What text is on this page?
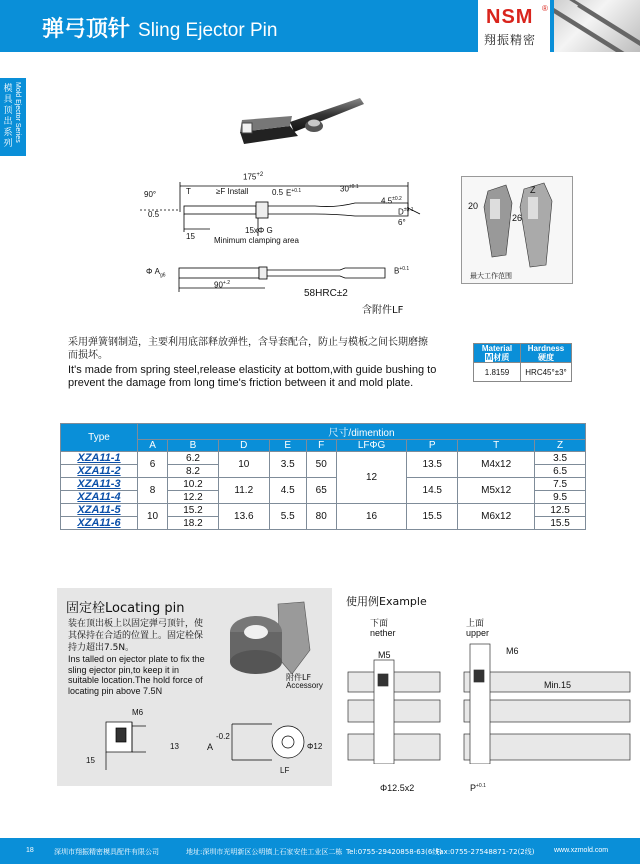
弹弓顶针 Sling Ejector Pin
NSM ®
翔振精密
模具顶出系列
Mold Ejector Series
$175^{+2}$
90°
0.5
T	≥F Install	0.5 $E^{+0.1}$	$30^{\pm 0.1}$
$4.5^{\pm 0.2}$
$D^{\pm 0.1}$
6°
15xΦ G
15 Minimum clamping area
Φ $A_{g6}$
$90^{+.2}$
$B^{+0.1}$
58HRC±2
含附件LF
20
Z
26
最大工作范围
采用弹簧钢制造，主要利用底部释放弹性，含导套配合，防止与模板之间长期磨擦而损坏。
It's made from spring steel,release elasticity at bottom,with guide bushing to prevent the damage from long time's friction between it and mold plate.
Material
M材质	Hardness
硬度
1.8159	HRC45°±3°
Type	尺寸/dimention								
	A	B	D	E	F	LFΦG	P	T	Z
XZA11-1	6	6.2	10	3.5	50	12	13.5	M4x12	3.5
XZA11-2		8.2							6.5
XZA11-3	8	10.2	11.2	4.5	65		14.5	M5x12	7.5
XZA11-4		12.2							9.5
XZA11-5	10	15.2	13.6	5.5	80	16	15.5	M6x12	12.5
XZA11-6		18.2							15.5
固定栓Locating pin
装在顶出板上以固定弹弓顶针，使其保持在合适的位置上。固定栓保持力超出7.5N。
Ins talled on ejector plate to fix the sling ejector pin,to keep it in suitable location.The hold force of locating pin above 7.5N
附件LF
Accessory
M6
13
15
A
-0.2
Φ12
LF
使用例Example
下面
nether
上面
upper
M5	M6
Min.15
Φ12.5x2	$P^{+0.1}$
18	深圳市翔振精密模具配件有限公司	地址:深圳市光明新区公明镇上石家安佳工业区二栋 Tel:0755-29420858-63(6线)
Fax:0755-27548871-72(2线)	www.xzmold.com
